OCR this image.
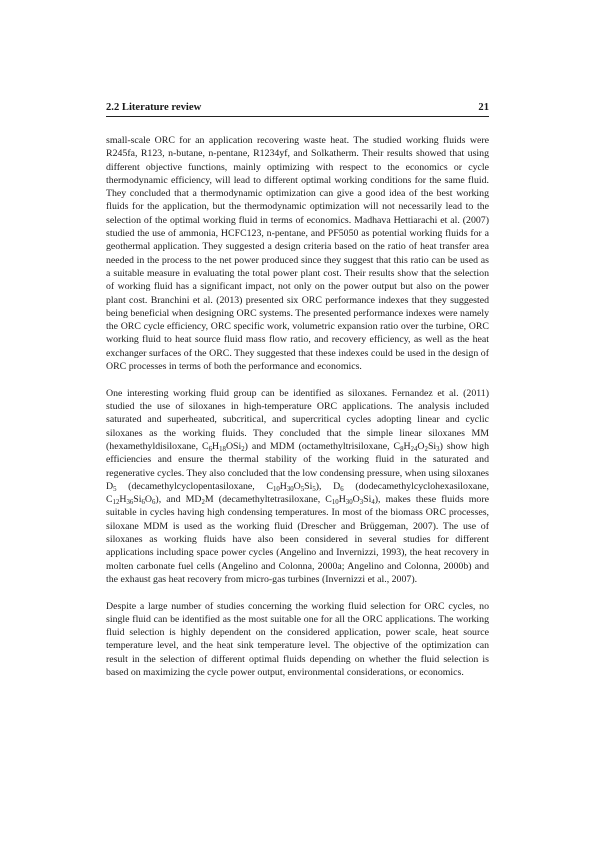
2.2 Literature review	21

small-scale ORC for an application recovering waste heat. The studied working fluids were R245fa, R123, n-butane, n-pentane, R1234yf, and Solkatherm. Their results showed that using different objective functions, mainly optimizing with respect to the economics or cycle thermodynamic efficiency, will lead to different optimal working conditions for the same fluid. They concluded that a thermodynamic optimization can give a good idea of the best working fluids for the application, but the thermodynamic optimization will not necessarily lead to the selection of the optimal working fluid in terms of economics. Madhava Hettiarachi et al. (2007) studied the use of ammonia, HCFC123, n-pentane, and PF5050 as potential working fluids for a geothermal application. They suggested a design criteria based on the ratio of heat transfer area needed in the process to the net power produced since they suggest that this ratio can be used as a suitable measure in evaluating the total power plant cost. Their results show that the selection of working fluid has a significant impact, not only on the power output but also on the power plant cost. Branchini et al. (2013) presented six ORC performance indexes that they suggested being beneficial when designing ORC systems. The presented performance indexes were namely the ORC cycle efficiency, ORC specific work, volumetric expansion ratio over the turbine, ORC working fluid to heat source fluid mass flow ratio, and recovery efficiency, as well as the heat exchanger surfaces of the ORC. They suggested that these indexes could be used in the design of ORC processes in terms of both the performance and economics.

One interesting working fluid group can be identified as siloxanes. Fernandez et al. (2011) studied the use of siloxanes in high-temperature ORC applications. The analysis included saturated and superheated, subcritical, and supercritical cycles adopting linear and cyclic siloxanes as the working fluids. They concluded that the simple linear siloxanes MM (hexamethyldisiloxane, $C_6H_{18}OSi_2$) and MDM (octamethyltrisiloxane, $C_8H_{24}O_2Si_3$) show high efficiencies and ensure the thermal stability of the working fluid in the saturated and regenerative cycles. They also concluded that the low condensing pressure, when using siloxanes $D_5$ (decamethylcyclopentasiloxane, $C_{10}H_{30}O_5Si_5$), $D_6$ (dodecamethylcyclohexasiloxane, $C_{12}H_{36}Si_6O_6$), and $MD_2M$ (decamethyltetrasiloxane, $C_{10}H_{30}O_3Si_4$), makes these fluids more suitable in cycles having high condensing temperatures. In most of the biomass ORC processes, siloxane MDM is used as the working fluid (Drescher and Brüggeman, 2007). The use of siloxanes as working fluids have also been considered in several studies for different applications including space power cycles (Angelino and Invernizzi, 1993), the heat recovery in molten carbonate fuel cells (Angelino and Colonna, 2000a; Angelino and Colonna, 2000b) and the exhaust gas heat recovery from micro-gas turbines (Invernizzi et al., 2007).

Despite a large number of studies concerning the working fluid selection for ORC cycles, no single fluid can be identified as the most suitable one for all the ORC applications. The working fluid selection is highly dependent on the considered application, power scale, heat source temperature level, and the heat sink temperature level. The objective of the optimization can result in the selection of different optimal fluids depending on whether the fluid selection is based on maximizing the cycle power output, environmental considerations, or economics.
